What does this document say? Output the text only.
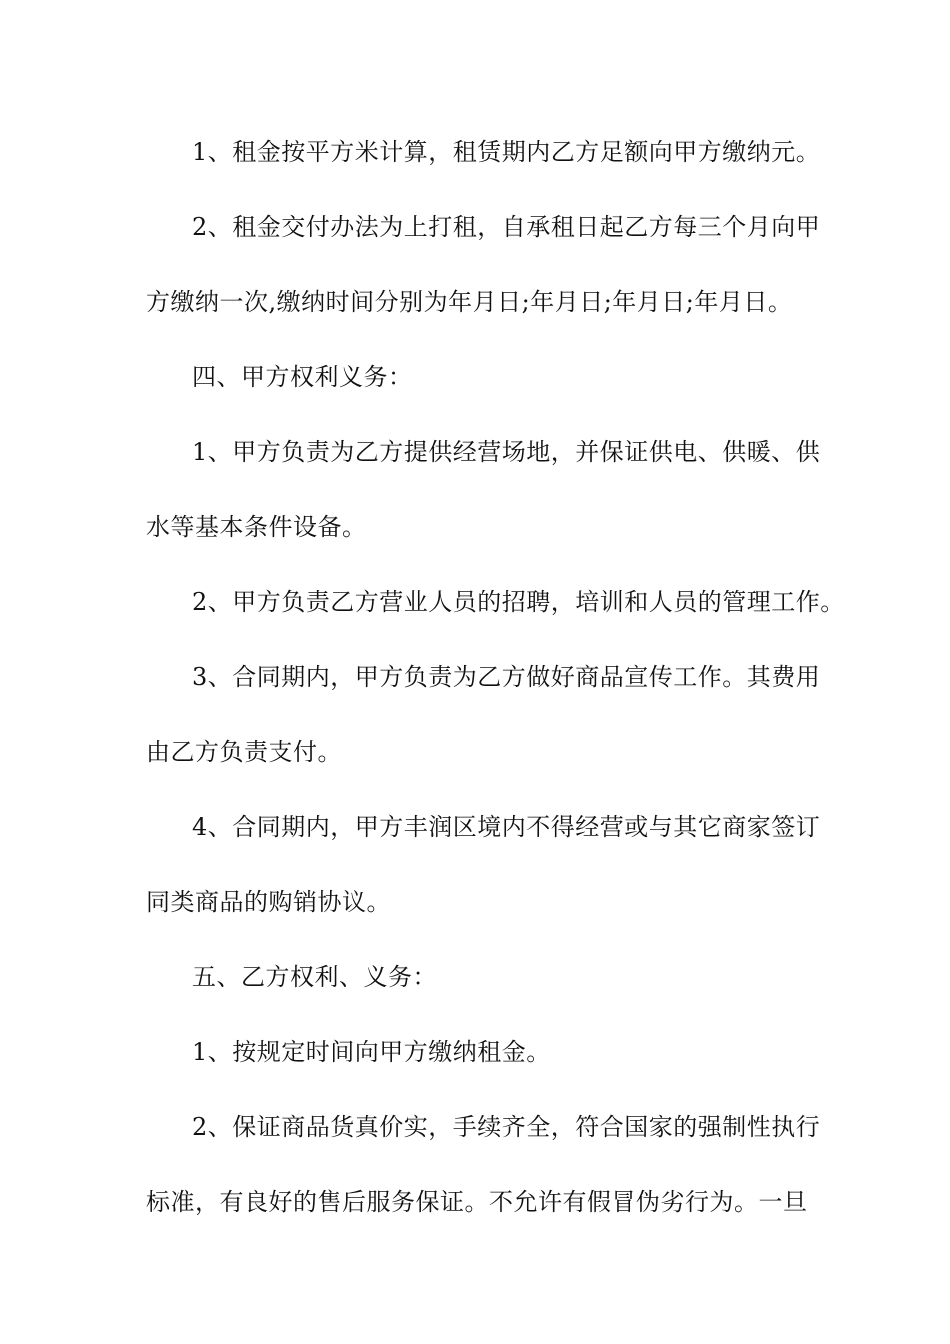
1、租金按平方米计算，租赁期内乙方足额向甲方缴纳元。
2、租金交付办法为上打租，自承租日起乙方每三个月向甲
方缴纳一次,缴纳时间分别为年月日;年月日;年月日;年月日。
四、甲方权利义务：
1、甲方负责为乙方提供经营场地，并保证供电、供暖、供
水等基本条件设备。
2、甲方负责乙方营业人员的招聘，培训和人员的管理工作。
3、合同期内，甲方负责为乙方做好商品宣传工作。其费用
由乙方负责支付。
4、合同期内，甲方丰润区境内不得经营或与其它商家签订
同类商品的购销协议。
五、乙方权利、义务：
1、按规定时间向甲方缴纳租金。
2、保证商品货真价实，手续齐全，符合国家的强制性执行
标准，有良好的售后服务保证。不允许有假冒伪劣行为。一旦
